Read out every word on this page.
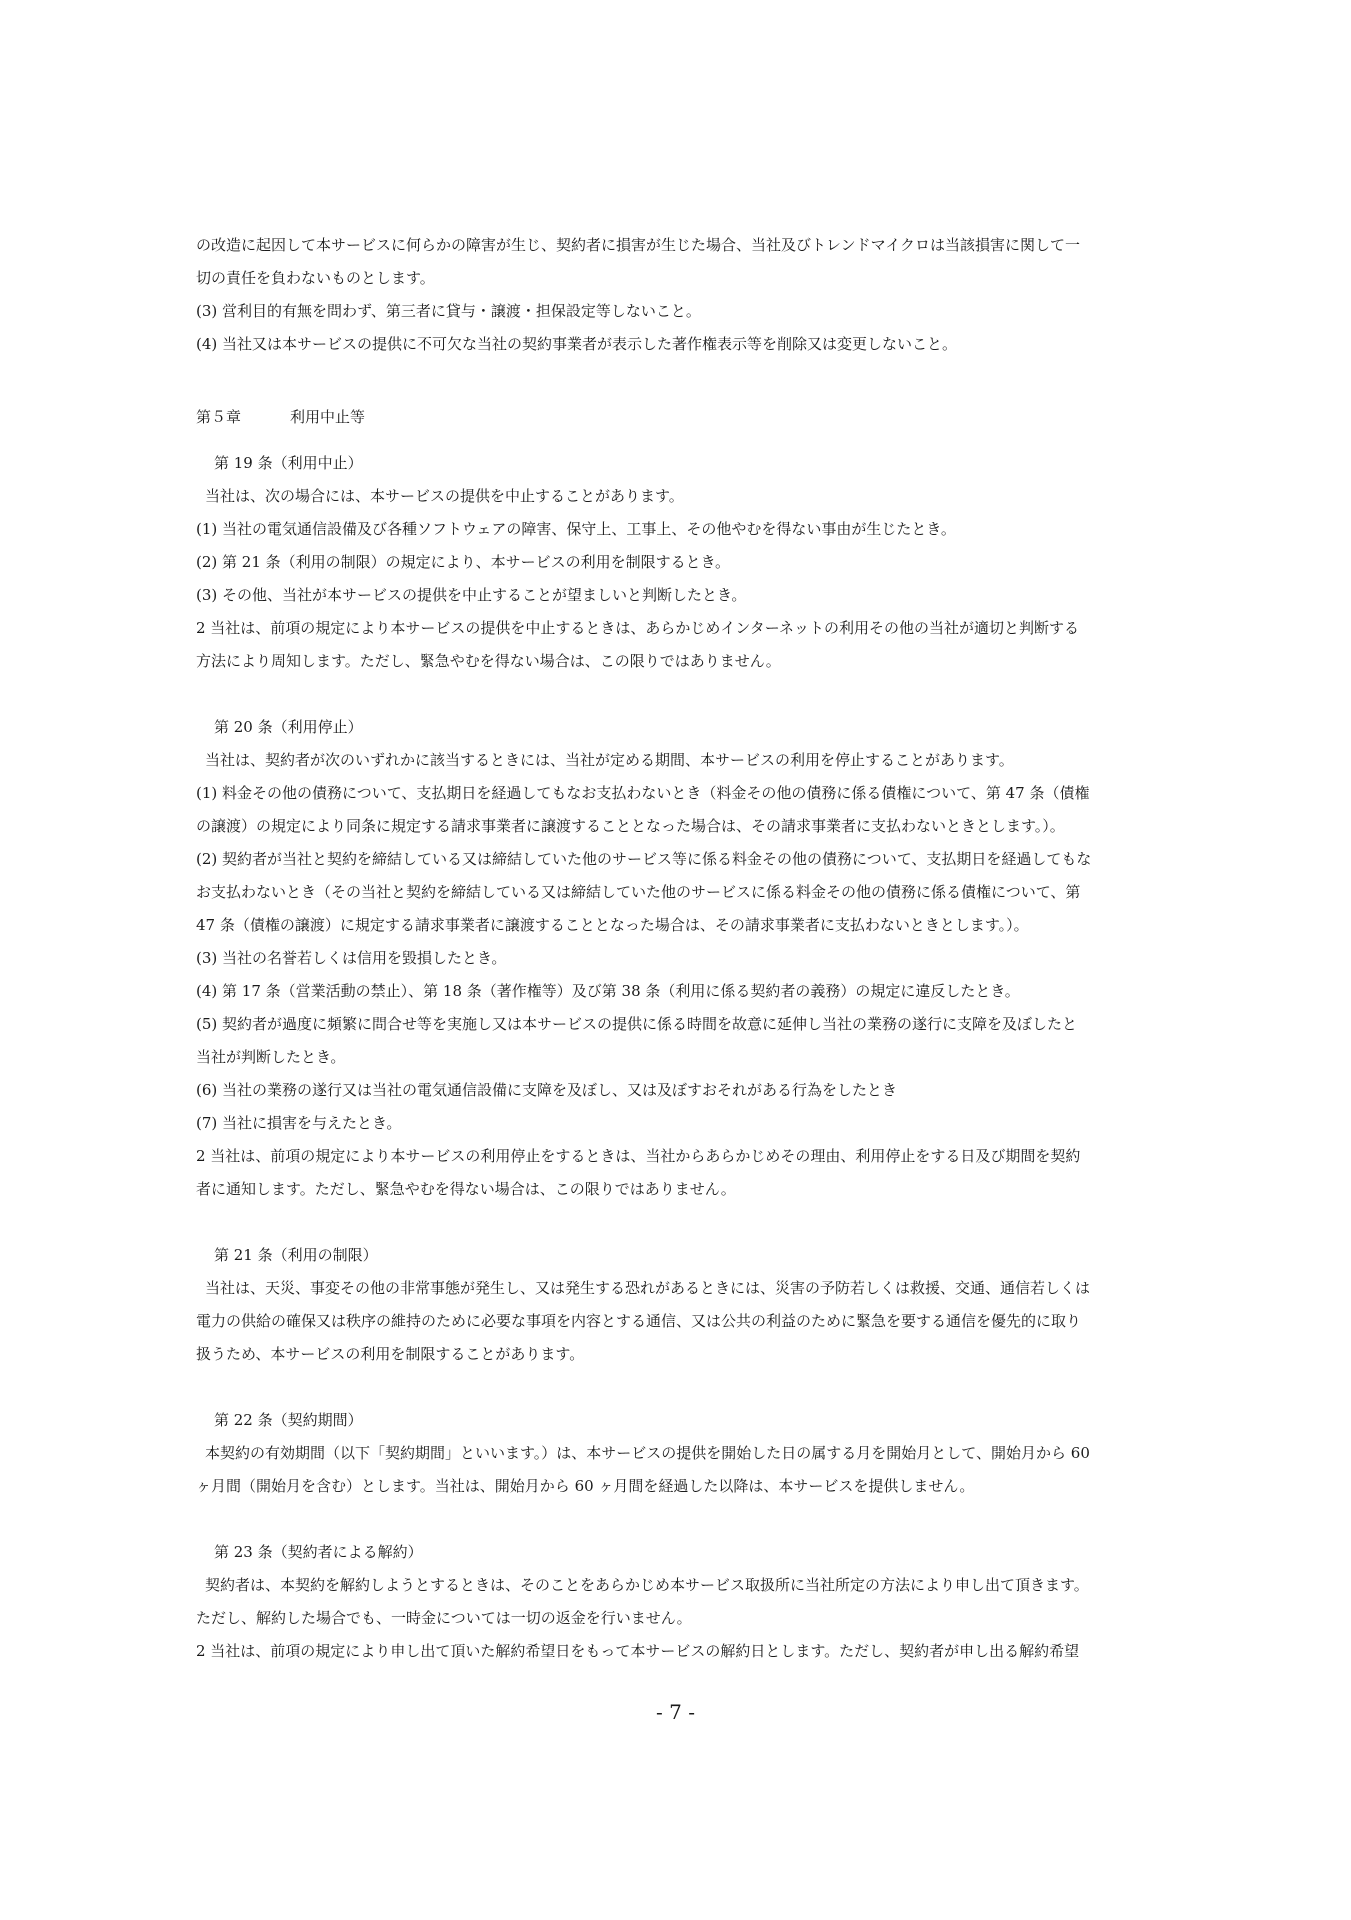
の改造に起因して本サービスに何らかの障害が生じ、契約者に損害が生じた場合、当社及びトレンドマイクロは当該損害に関して一
切の責任を負わないものとします。
(3) 営利目的有無を問わず、第三者に貸与・譲渡・担保設定等しないこと。
(4) 当社又は本サービスの提供に不可欠な当社の契約事業者が表示した著作権表示等を削除又は変更しないこと。
第５章	利用中止等
第 19 条（利用中止）
当社は、次の場合には、本サービスの提供を中止することがあります。
(1) 当社の電気通信設備及び各種ソフトウェアの障害、保守上、工事上、その他やむを得ない事由が生じたとき。
(2) 第 21 条（利用の制限）の規定により、本サービスの利用を制限するとき。
(3) その他、当社が本サービスの提供を中止することが望ましいと判断したとき。
2 当社は、前項の規定により本サービスの提供を中止するときは、あらかじめインターネットの利用その他の当社が適切と判断する
方法により周知します。ただし、緊急やむを得ない場合は、この限りではありません。
第 20 条（利用停止）
当社は、契約者が次のいずれかに該当するときには、当社が定める期間、本サービスの利用を停止することがあります。
(1) 料金その他の債務について、支払期日を経過してもなお支払わないとき（料金その他の債務に係る債権について、第 47 条（債権
の譲渡）の規定により同条に規定する請求事業者に譲渡することとなった場合は、その請求事業者に支払わないときとします。）。
(2) 契約者が当社と契約を締結している又は締結していた他のサービス等に係る料金その他の債務について、支払期日を経過してもな
お支払わないとき（その当社と契約を締結している又は締結していた他のサービスに係る料金その他の債務に係る債権について、第
47 条（債権の譲渡）に規定する請求事業者に譲渡することとなった場合は、その請求事業者に支払わないときとします。）。
(3) 当社の名誉若しくは信用を毀損したとき。
(4) 第 17 条（営業活動の禁止）、第 18 条（著作権等）及び第 38 条（利用に係る契約者の義務）の規定に違反したとき。
(5) 契約者が過度に頻繁に問合せ等を実施し又は本サービスの提供に係る時間を故意に延伸し当社の業務の遂行に支障を及ぼしたと
当社が判断したとき。
(6) 当社の業務の遂行又は当社の電気通信設備に支障を及ぼし、又は及ぼすおそれがある行為をしたとき
(7) 当社に損害を与えたとき。
2 当社は、前項の規定により本サービスの利用停止をするときは、当社からあらかじめその理由、利用停止をする日及び期間を契約
者に通知します。ただし、緊急やむを得ない場合は、この限りではありません。
第 21 条（利用の制限）
当社は、天災、事変その他の非常事態が発生し、又は発生する恐れがあるときには、災害の予防若しくは救援、交通、通信若しくは
電力の供給の確保又は秩序の維持のために必要な事項を内容とする通信、又は公共の利益のために緊急を要する通信を優先的に取り
扱うため、本サービスの利用を制限することがあります。
第 22 条（契約期間）
本契約の有効期間（以下「契約期間」といいます。）は、本サービスの提供を開始した日の属する月を開始月として、開始月から 60
ヶ月間（開始月を含む）とします。当社は、開始月から 60 ヶ月間を経過した以降は、本サービスを提供しません。
第 23 条（契約者による解約）
契約者は、本契約を解約しようとするときは、そのことをあらかじめ本サービス取扱所に当社所定の方法により申し出て頂きます。
ただし、解約した場合でも、一時金については一切の返金を行いません。
2 当社は、前項の規定により申し出て頂いた解約希望日をもって本サービスの解約日とします。ただし、契約者が申し出る解約希望
- 7 -
